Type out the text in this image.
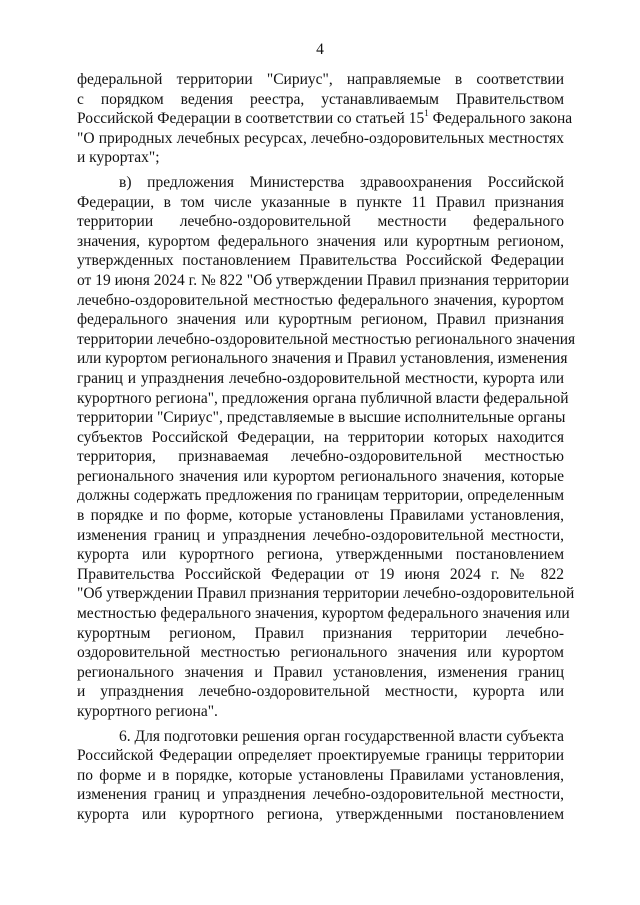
4
федеральной территории "Сириус", направляемые в соответствии
с порядком ведения реестра, устанавливаемым Правительством
Российской Федерации в соответствии со статьей $15^1$ Федерального закона
"О природных лечебных ресурсах, лечебно-оздоровительных местностях
и курортах";
в) предложения Министерства здравоохранения Российской
Федерации, в том числе указанные в пункте 11 Правил признания
территории лечебно-оздоровительной местности федерального
значения, курортом федерального значения или курортным регионом,
утвержденных постановлением Правительства Российской Федерации
от 19 июня 2024 г. № 822 "Об утверждении Правил признания территории
лечебно-оздоровительной местностью федерального значения, курортом
федерального значения или курортным регионом, Правил признания
территории лечебно-оздоровительной местностью регионального значения
или курортом регионального значения и Правил установления, изменения
границ и упразднения лечебно-оздоровительной местности, курорта или
курортного региона", предложения органа публичной власти федеральной
территории "Сириус", представляемые в высшие исполнительные органы
субъектов Российской Федерации, на территории которых находится
территория, признаваемая лечебно-оздоровительной местностью
регионального значения или курортом регионального значения, которые
должны содержать предложения по границам территории, определенным
в порядке и по форме, которые установлены Правилами установления,
изменения границ и упразднения лечебно-оздоровительной местности,
курорта или курортного региона, утвержденными постановлением
Правительства Российской Федерации от 19 июня 2024 г. № 822
"Об утверждении Правил признания территории лечебно-оздоровительной
местностью федерального значения, курортом федерального значения или
курортным регионом, Правил признания территории лечебно-
оздоровительной местностью регионального значения или курортом
регионального значения и Правил установления, изменения границ
и упразднения лечебно-оздоровительной местности, курорта или
курортного региона".
6. Для подготовки решения орган государственной власти субъекта
Российской Федерации определяет проектируемые границы территории
по форме и в порядке, которые установлены Правилами установления,
изменения границ и упразднения лечебно-оздоровительной местности,
курорта или курортного региона, утвержденными постановлением
